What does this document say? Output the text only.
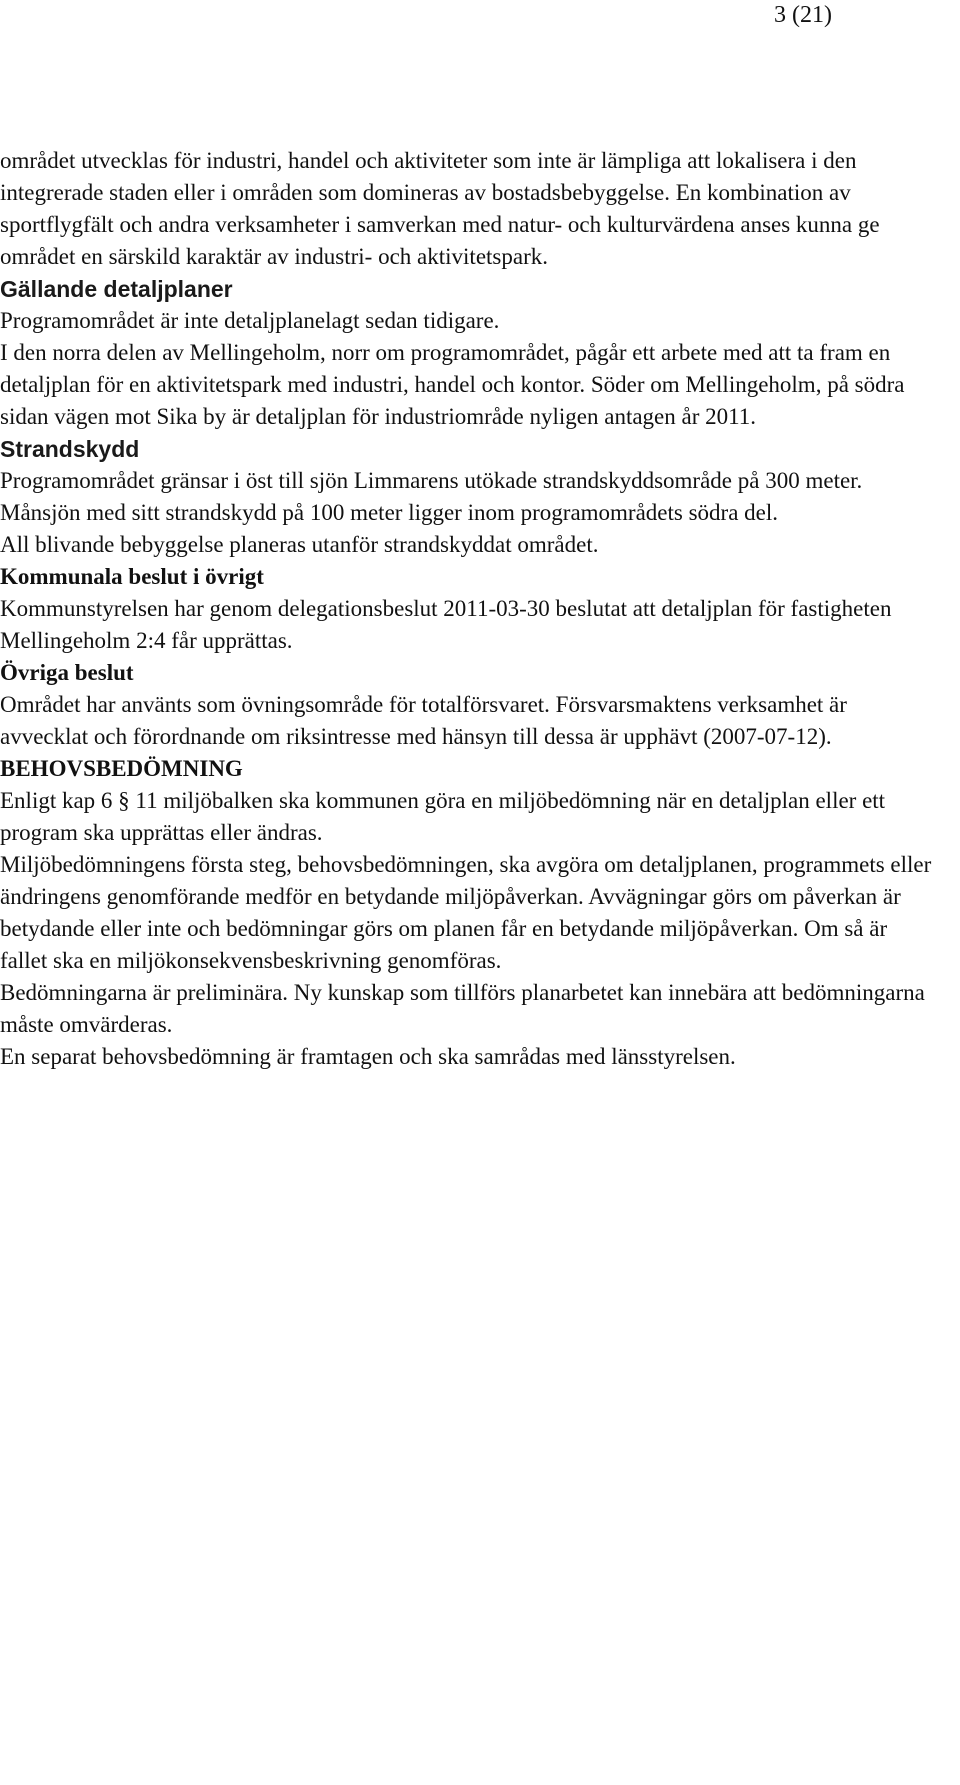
3 (21)

området utvecklas för industri, handel och aktiviteter som inte är lämpliga att lokalisera i den integrerade staden eller i områden som domineras av bostadsbebyggelse. En kombination av sportflygfält och andra verksamheter i samverkan med natur- och kulturvärdena anses kunna ge området en särskild karaktär av industri- och aktivitetspark.

Gällande detaljplaner

Programområdet är inte detaljplanelagt sedan tidigare.

I den norra delen av Mellingeholm, norr om programområdet, pågår ett arbete med att ta fram en detaljplan för en aktivitetspark med industri, handel och kontor. Söder om Mellingeholm, på södra sidan vägen mot Sika by är detaljplan för industriområde nyligen antagen år 2011.

Strandskydd

Programområdet gränsar i öst till sjön Limmarens utökade strandskyddsområde på 300 meter. Månsjön med sitt strandskydd på 100 meter ligger inom programområdets södra del.

All blivande bebyggelse planeras utanför strandskyddat området.

Kommunala beslut i övrigt

Kommunstyrelsen har genom delegationsbeslut 2011-03-30 beslutat att detaljplan för fastigheten Mellingeholm 2:4 får upprättas.

Övriga beslut

Området har använts som övningsområde för totalförsvaret. Försvarsmaktens verksamhet är avvecklat och förordnande om riksintresse med hänsyn till dessa är upphävt (2007-07-12).

BEHOVSBEDÖMNING

Enligt kap 6 § 11 miljöbalken ska kommunen göra en miljöbedömning när en detaljplan eller ett program ska upprättas eller ändras.

Miljöbedömningens första steg, behovsbedömningen, ska avgöra om detaljplanen, programmets eller ändringens genomförande medför en betydande miljöpåverkan. Avvägningar görs om påverkan är betydande eller inte och bedömningar görs om planen får en betydande miljöpåverkan. Om så är fallet ska en miljökonsekvensbeskrivning genomföras.

Bedömningarna är preliminära. Ny kunskap som tillförs planarbetet kan innebära att bedömningarna måste omvärderas.

En separat behovsbedömning är framtagen och ska samrådas med länsstyrelsen.
